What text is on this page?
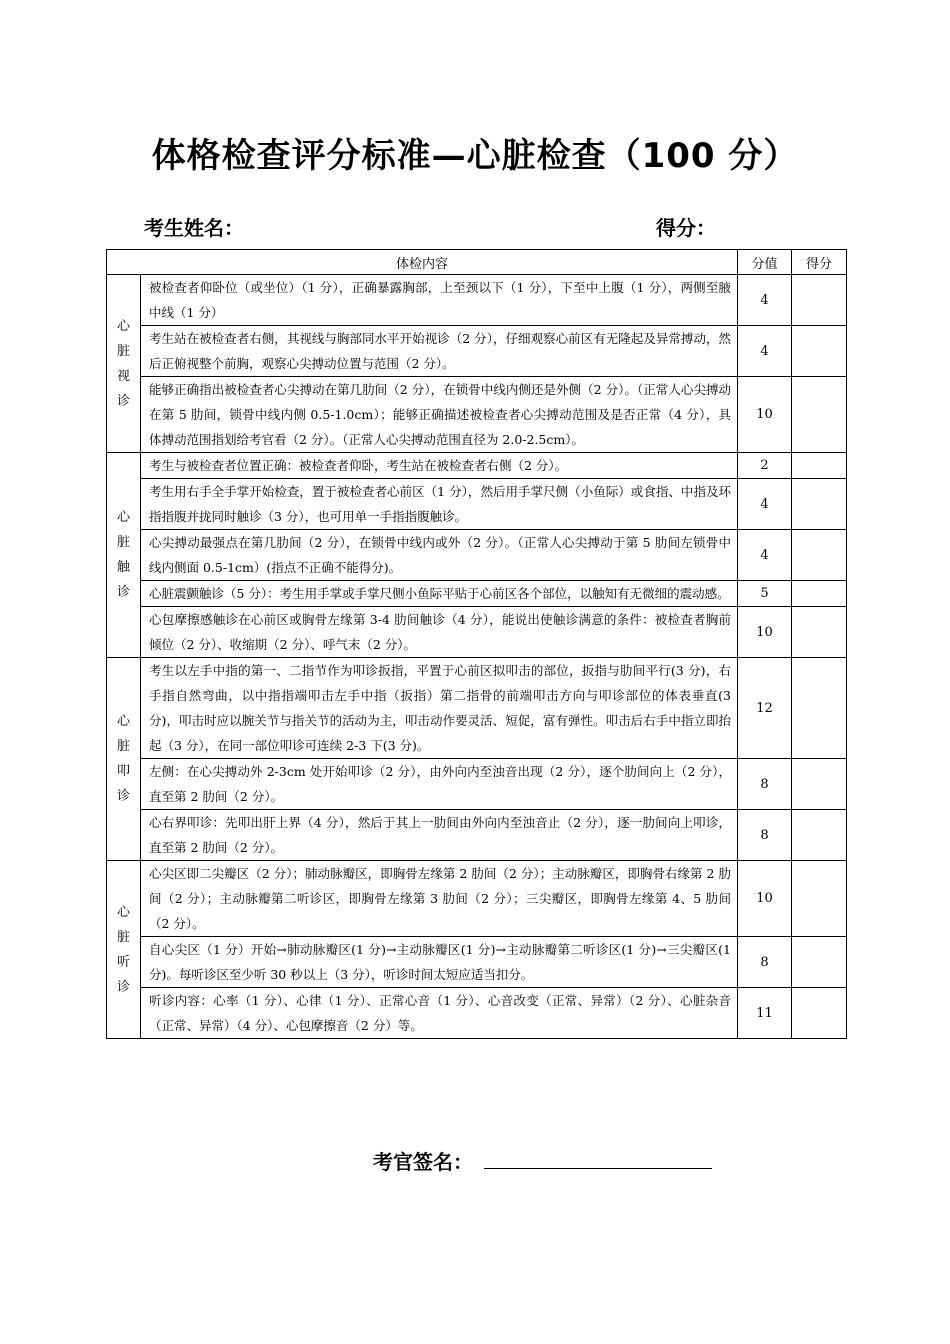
体格检查评分标准—心脏检查（100 分）
考生姓名：	得分：
体检内容		分值	得分

心
脏
视
诊	被检查者仰卧位（或坐位）（1 分），正确暴露胸部，上至颈以下（1 分），下至中上腹（1 分），两侧至腋中线（1 分）	4	
	考生站在被检查者右侧，其视线与胸部同水平开始视诊（2 分），仔细观察心前区有无隆起及异常搏动，然后正俯视整个前胸，观察心尖搏动位置与范围（2 分）。	4	
	能够正确指出被检查者心尖搏动在第几肋间（2 分），在锁骨中线内侧还是外侧（2 分）。（正常人心尖搏动在第 5 肋间，锁骨中线内侧 0.5-1.0cm）；能够正确描述被检查者心尖搏动范围及是否正常（4 分），具体搏动范围指划给考官看（2 分）。（正常人心尖搏动范围直径为 2.0-2.5cm）。	10	

心
脏
触
诊	考生与被检查者位置正确：被检查者仰卧，考生站在被检查者右侧（2 分）。	2	
	考生用右手全手掌开始检查，置于被检查者心前区（1 分），然后用手掌尺侧（小鱼际）或食指、中指及环指指腹并拢同时触诊（3 分），也可用单一手指指腹触诊。	4	
	心尖搏动最强点在第几肋间（2 分），在锁骨中线内或外（2 分）。（正常人心尖搏动于第 5 肋间左锁骨中线内侧面 0.5-1cm）(指点不正确不能得分)。	4	
	心脏震颤触诊（5 分）：考生用手掌或手掌尺侧小鱼际平贴于心前区各个部位，以触知有无微细的震动感。	5	
	心包摩擦感触诊在心前区或胸骨左缘第 3-4 肋间触诊（4 分），能说出使触诊满意的条件：被检查者胸前倾位（2 分）、收缩期（2 分）、呼气末（2 分）。	10	

心
脏
叩
诊	考生以左手中指的第一、二指节作为叩诊扳指，平置于心前区拟叩击的部位，扳指与肋间平行(3 分)，右手指自然弯曲，以中指指端叩击左手中指（扳指）第二指骨的前端叩击方向与叩诊部位的体表垂直(3 分)，叩击时应以腕关节与指关节的活动为主，叩击动作要灵活、短促，富有弹性。叩击后右手中指立即抬起（3 分），在同一部位叩诊可连续 2-3 下(3 分)。	12	
	左侧：在心尖搏动外 2-3cm 处开始叩诊（2 分），由外向内至浊音出现（2 分），逐个肋间向上（2 分），直至第 2 肋间（2 分）。	8	
	心右界叩诊：先叩出肝上界（4 分），然后于其上一肋间由外向内至浊音止（2 分），逐一肋间向上叩诊，直至第 2 肋间（2 分）。	8	

心
脏
听
诊	心尖区即二尖瓣区（2 分）；肺动脉瓣区，即胸骨左缘第 2 肋间（2 分）；主动脉瓣区，即胸骨右缘第 2 肋间（2 分）；主动脉瓣第二听诊区，即胸骨左缘第 3 肋间（2 分）；三尖瓣区，即胸骨左缘第 4、5 肋间（2 分）。	10	
	自心尖区（1 分）开始→肺动脉瓣区(1 分)→主动脉瓣区(1 分)→主动脉瓣第二听诊区(1 分)→三尖瓣区(1 分)。每听诊区至少听 30 秒以上（3 分），听诊时间太短应适当扣分。	8	
	听诊内容：心率（1 分）、心律（1 分）、正常心音（1 分）、心音改变（正常、异常）（2 分）、心脏杂音（正常、异常）（4 分）、心包摩擦音（2 分）等。	11	
考官签名：
